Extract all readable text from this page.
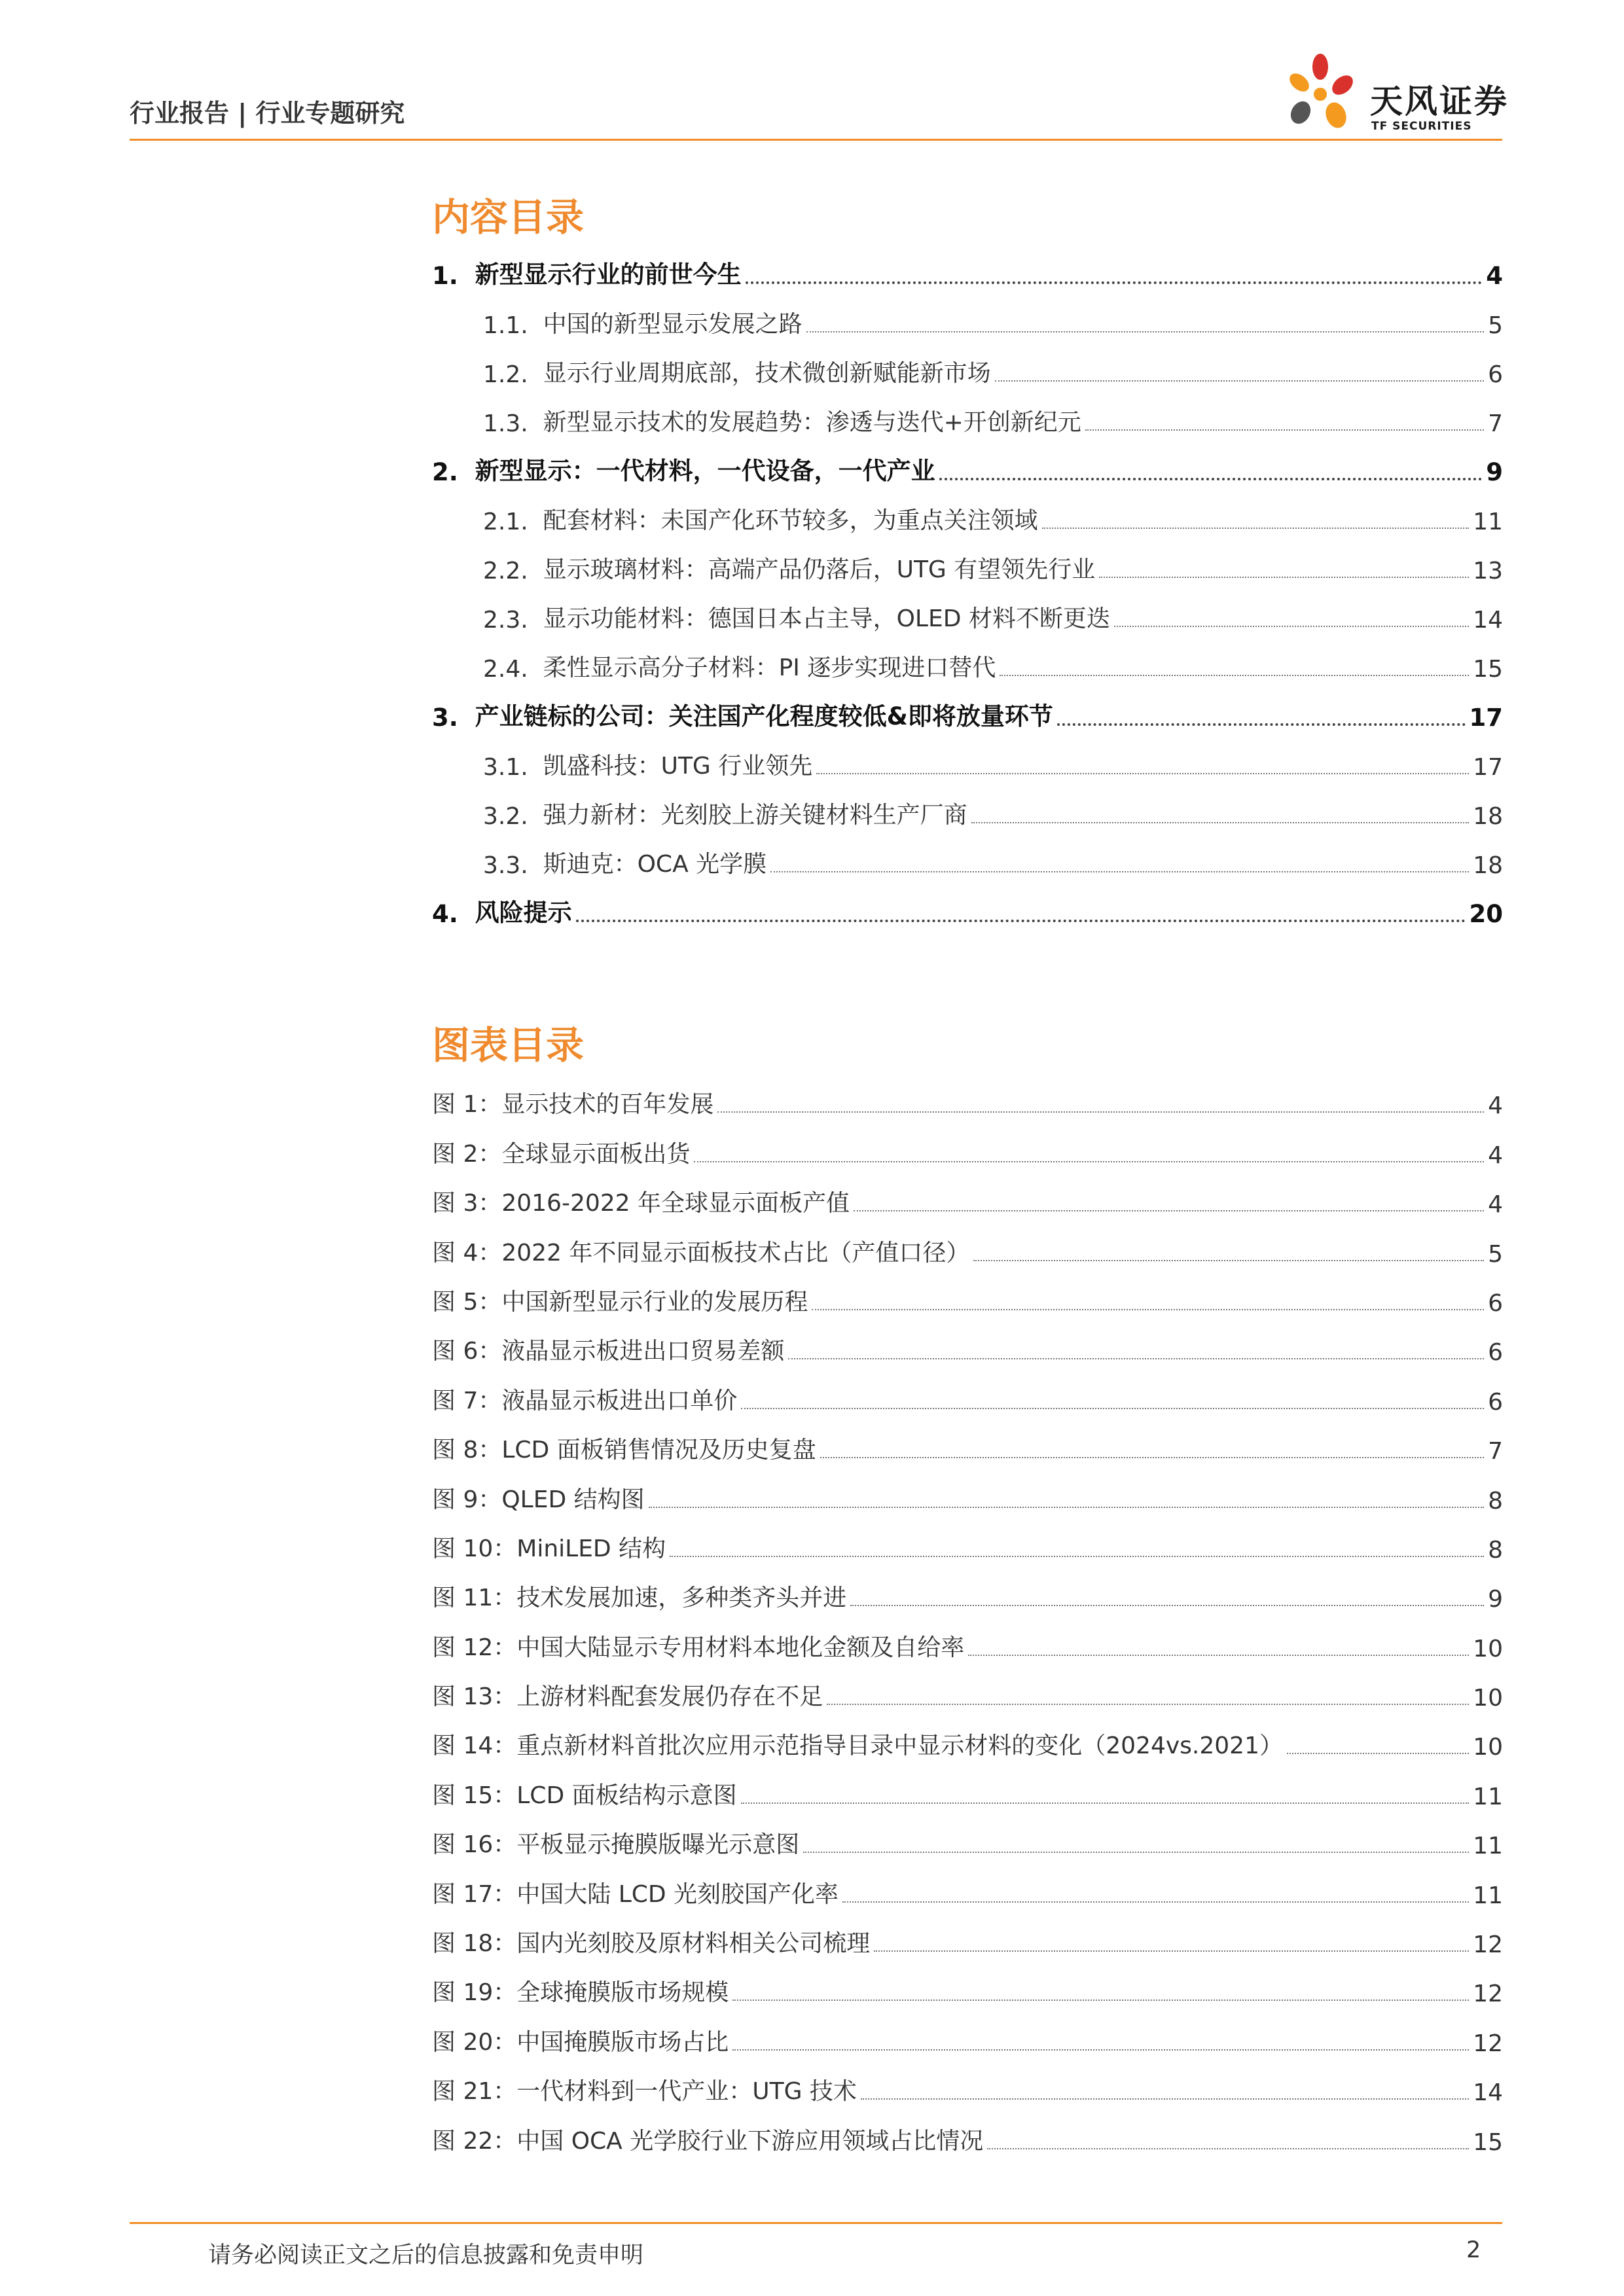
行业报告 | 行业专题研究	天风证券
TF SECURITIES
内容目录
1. 新型显示行业的前世今生	4
1.1. 中国的新型显示发展之路	5
1.2. 显示行业周期底部，技术微创新赋能新市场	6
1.3. 新型显示技术的发展趋势：渗透与迭代+开创新纪元	7
2. 新型显示：一代材料，一代设备，一代产业	9
2.1. 配套材料：未国产化环节较多，为重点关注领域	11
2.2. 显示玻璃材料：高端产品仍落后，UTG 有望领先行业	13
2.3. 显示功能材料：德国日本占主导，OLED 材料不断更迭	14
2.4. 柔性显示高分子材料：PI 逐步实现进口替代	15
3. 产业链标的公司：关注国产化程度较低&即将放量环节	17
3.1. 凯盛科技：UTG 行业领先	17
3.2. 强力新材：光刻胶上游关键材料生产厂商	18
3.3. 斯迪克：OCA 光学膜	18
4. 风险提示	20
图表目录
图 1：显示技术的百年发展	4
图 2：全球显示面板出货	4
图 3：2016-2022 年全球显示面板产值	4
图 4：2022 年不同显示面板技术占比（产值口径）	5
图 5：中国新型显示行业的发展历程	6
图 6：液晶显示板进出口贸易差额	6
图 7：液晶显示板进出口单价	6
图 8：LCD 面板销售情况及历史复盘	7
图 9：QLED 结构图	8
图 10：MiniLED 结构	8
图 11：技术发展加速，多种类齐头并进	9
图 12：中国大陆显示专用材料本地化金额及自给率	10
图 13：上游材料配套发展仍存在不足	10
图 14：重点新材料首批次应用示范指导目录中显示材料的变化（2024vs.2021）	10
图 15：LCD 面板结构示意图	11
图 16：平板显示掩膜版曝光示意图	11
图 17：中国大陆 LCD 光刻胶国产化率	11
图 18：国内光刻胶及原材料相关公司梳理	12
图 19：全球掩膜版市场规模	12
图 20：中国掩膜版市场占比	12
图 21：一代材料到一代产业：UTG 技术	14
图 22：中国 OCA 光学胶行业下游应用领域占比情况	15
请务必阅读正文之后的信息披露和免责申明	2
